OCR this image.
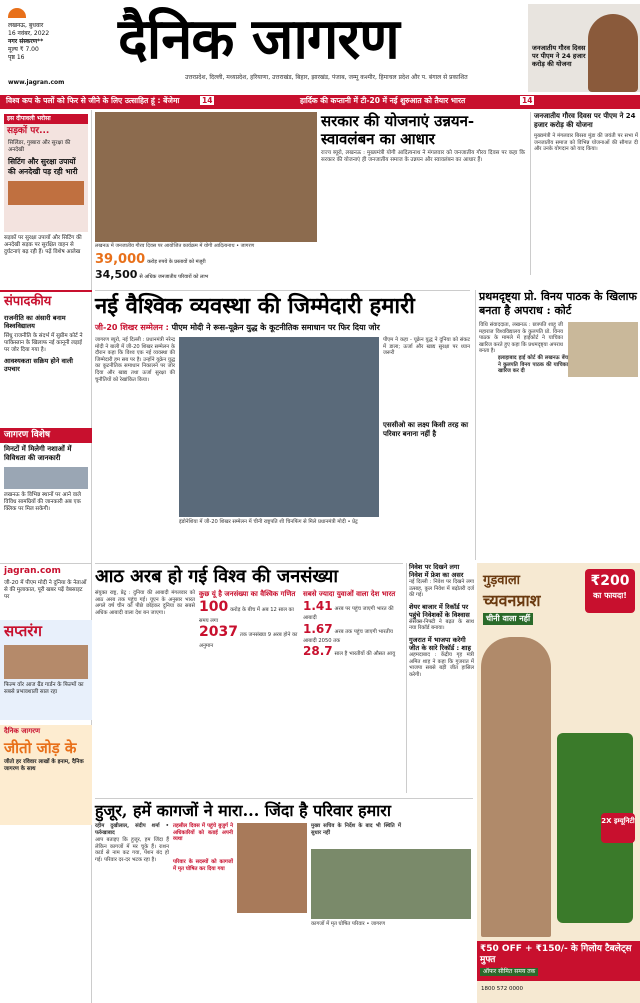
लखनऊ, बुधवार
16 नवंबर, 2022
नगर संस्करण**
मूल्य ₹ 7.00
पृष्ठ 16
www.jagran.com
दैनिक जागरण
उत्तरप्रदेश, दिल्ली, मध्यप्रदेश, हरियाणा, उत्तराखंड, बिहार, झारखंड, पंजाब, जम्मू कश्मीर, हिमाचल प्रदेश और प. बंगाल से प्रकाशित
जनजातीय गौरव दिवस पर पीएम ने 24 हजार करोड़ की योजना
विश्व कप के पलों को फिर से जीने के लिए उत्साहित हूं : बेंजेमा	14	हार्दिक की कप्तानी में टी-20 में नई शुरुआत को तैयार भारत	14
इस दीपावली भरोसा
सड़कों पर...
सिलिंडर, गुब्बारा और सुरक्षा की अनदेखी
सिटिंग और सुरक्षा उपायों की अनदेखी पड़ रही भारी
सड़कों पर सुरक्षा उपायों और सिटिंग की अनदेखी सड़क पर सुरक्षित वाहन से दुर्घटनाएं बढ़ रही हैं। पढ़ें विशेष आलेख
संपादकीय
राजनीति का अंसारी बनाम विश्वविद्यालय
सिंधु राजनीति के संदर्भ में सुप्रीम कोर्ट ने पाकिस्तान के खिलाफ नई कानूनी लड़ाई पर जोर दिया गया है।
आवश्यकता सक्रिय होने वाली उपचार
जागरण विशेष
मिनटों में मिलेगी नशाओं में विविधता की जानकारी
लखनऊ के विभिन्न स्थानों पर आने वाले विविध सामग्रियों की जानकारी अब एक क्लिक पर मिल सकेगी।
jagran.com
जी-20 में पीएम मोदी ने दुनिया के नेताओं से की मुलाकात, पूरी खबर पढ़ें वेबसाइट पर
सप्तरंग
फिल्म वॉर आज ग्रैंड गार्डन के फिल्मों का सबसे प्रभावशाली साल रहा
दैनिक जागरण
जीतो जोड़ के
जीतो हर रविवार लाखों के इनाम, दैनिक जागरण के साथ
लखनऊ में जनजातीय गौरव दिवस पर आयोजित कार्यक्रम में योगी आदित्यनाथ • जागरण
39,000 करोड़ रुपये के प्रस्तावों को मंजूरी
34,500 से अधिक जनजातीय परिवारों को लाभ
सरकार की योजनाएं उन्नयन-स्वावलंबन का आधार
राज्य ब्यूरो, लखनऊ : मुख्यमंत्री योगी आदित्यनाथ ने मंगलवार को जनजातीय गौरव दिवस पर कहा कि सरकार की योजनाएं ही जनजातीय समाज के उन्नयन और स्वावलंबन का आधार हैं।
जनजातीय गौरव दिवस पर पीएम ने 24 हजार करोड़ की योजना
मुख्यमंत्री ने मंगलवार बिरसा मुंडा की जयंती पर सभा में जनजातीय समाज को विभिन्न योजनाओं की सौगात दी और उनके योगदान को याद किया।
नई वैश्विक व्यवस्था की जिम्मेदारी हमारी
जी-20 शिखर सम्मेलन : पीएम मोदी ने रूस-यूक्रेन युद्ध के कूटनीतिक समाधान पर फिर दिया जोर
जागरण ब्यूरो, नई दिल्ली : प्रधानमंत्री नरेन्द्र मोदी ने बाली में जी-20 शिखर सम्मेलन के दौरान कहा कि विश्व एक नई व्यवस्था की जिम्मेदारी हम सब पर है। उन्होंने यूक्रेन युद्ध का कूटनीतिक समाधान निकालने पर जोर दिया और खाद्य तथा ऊर्जा सुरक्षा की चुनौतियों को रेखांकित किया।
इंडोनेशिया में जी-20 शिखर सम्मेलन में चीनी राष्ट्रपति शी चिनफिंग से मिले प्रधानमंत्री मोदी • प्रेट्र
पीएम ने कहा - यूक्रेन युद्ध ने दुनिया को संकट में डाला; ऊर्जा और खाद्य सुरक्षा पर ध्यान जरूरी
एससीओ का लक्ष्य किसी तरह का परिवार बनाना नहीं है
प्रथमदृष्ट्या प्रो. विनय पाठक के खिलाफ बनता है अपराध : कोर्ट
विधि संवाददाता, लखनऊ : छत्रपति शाहू जी महाराज विश्वविद्यालय के कुलपति प्रो. विनय पाठक के मामले में हाईकोर्ट ने याचिका खारिज करते हुए कहा कि प्रथमदृष्ट्या अपराध बनता है।
इलाहाबाद हाई कोर्ट की लखनऊ बेंच ने कुलपति विनय पाठक की याचिका खारिज कर दी
आठ अरब हो गई विश्व की जनसंख्या
संयुक्त राष्ट्र, प्रेट्र : दुनिया की आबादी मंगलवार को आठ अरब तक पहुंच गई। यूएन के अनुसार भारत अगले वर्ष चीन को पीछे छोड़कर दुनिया का सबसे अधिक आबादी वाला देश बन जाएगा।
कुछ यूं है जनसंख्या का वैश्विक गणित
100 करोड़ के बीच में अब 12 साल का समय लगा
2037 तक जनसंख्या 9 अरब होने का अनुमान
सबसे ज्यादा युवाओं वाला देश भारत
1.41 अरब पर पहुंच जाएगी भारत की आबादी
1.67 अरब तक पहुंच जाएगी भारतीय आबादी 2050 तक
28.7 साल है भारतीयों की औसत आयु
निवेश पर दिखने लगा निवेश में फ्रेश का असर
नई दिल्ली : निवेश पर दिखने लगा उत्साह, कुल निवेश में बढ़ोतरी दर्ज की गई।
शेयर बाजार में रिकॉर्ड पर पहुंचे निवेशकों के विश्वास
सेंसेक्स-निफ्टी ने बढ़त के साथ नया रिकॉर्ड बनाया।
गुजरात में भाजपा करेगी जीत के सारे रिकॉर्ड : शाह
अहमदाबाद : केंद्रीय गृह मंत्री अमित शाह ने कहा कि गुजरात में भाजपा सबसे बड़ी जीत हासिल करेगी।
गुड़वाला
च्यवनप्राश
चीनी वाला नहीं
₹200
का फायदा!
2X इम्यूनिटी
₹50 OFF + ₹150/- के गिलोय टैबलेट्स मुफ्त
ऑफर सीमित समय तक
1800 572 0000
हुजूर, हमें कागजों ने मारा... जिंदा है परिवार हमारा
रहीम दुखीलाल, संदीप शर्मा • फर्रुखाबाद
आप बताइए कि हुजूर, हम जिंदा हैं लेकिन कागजों में मर चुके हैं। राशन कार्ड से नाम कट गया, पेंशन बंद हो गई। परिवार दर-दर भटक रहा है।
तहसील दिवस में पहुंचे बुजुर्ग ने अधिकारियों को बताई अपनी व्यथा
परिवार के सदस्यों को कागजों में मृत घोषित कर दिया गया
मुख्य सचिव के निर्देश के बाद भी स्थिति में सुधार नहीं
कागजों में मृत घोषित परिवार • जागरण
